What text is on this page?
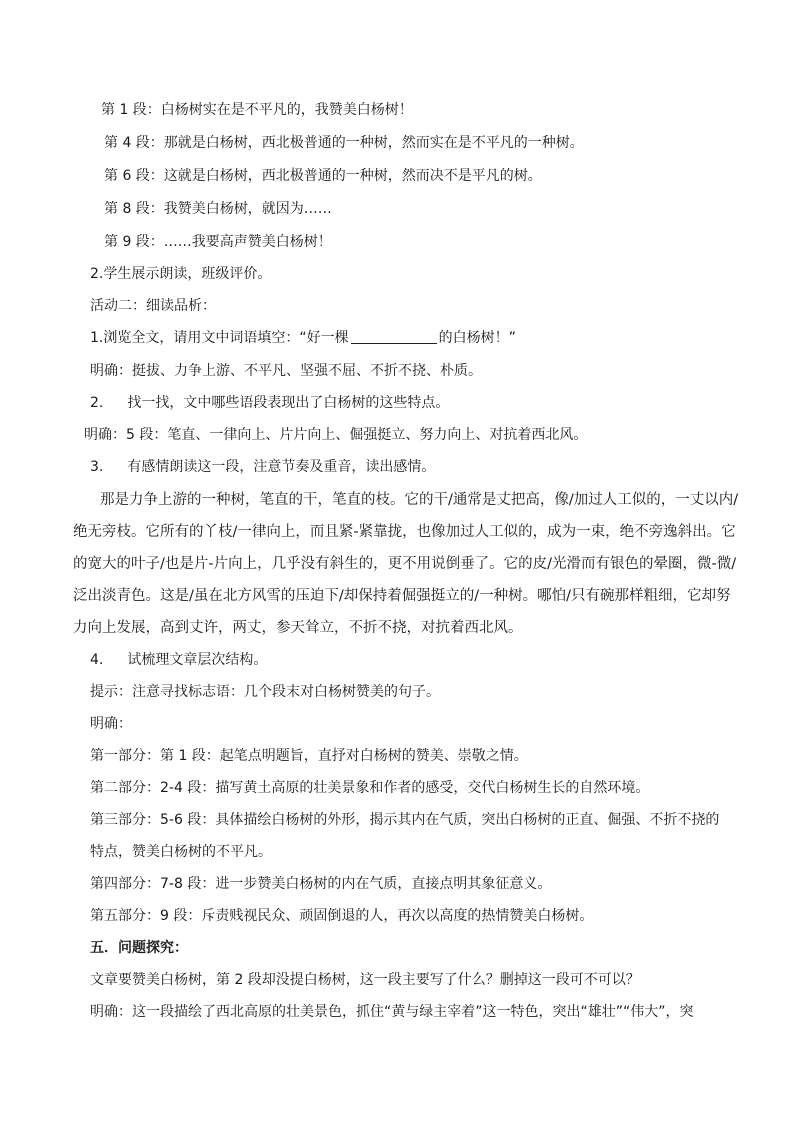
第 1 段：白杨树实在是不平凡的，我赞美白杨树！
第 4 段：那就是白杨树，西北极普通的一种树，然而实在是不平凡的一种树。
第 6 段：这就是白杨树，西北极普通的一种树，然而决不是平凡的树。
第 8 段：我赞美白杨树，就因为……
第 9 段：……我要高声赞美白杨树！
2.学生展示朗读，班级评价。
活动二：细读品析：
1.浏览全文，请用文中词语填空：“好一棵	的白杨树！”
明确：挺拔、力争上游、不平凡、坚强不屈、不折不挠、朴质。
2. 找一找，文中哪些语段表现出了白杨树的这些特点。
明确：5 段：笔直、一律向上、片片向上、倔强挺立、努力向上、对抗着西北风。
3. 有感情朗读这一段，注意节奏及重音，读出感情。
那是力争上游的一种树，笔直的干，笔直的枝。它的干/通常是丈把高，像/加过人工似的，一丈以内/
绝无旁枝。它所有的丫枝/一律向上，而且紧-紧靠拢，也像加过人工似的，成为一束，绝不旁逸斜出。它
的宽大的叶子/也是片-片向上，几乎没有斜生的，更不用说倒垂了。它的皮/光滑而有银色的晕圈，微-微/
泛出淡青色。这是/虽在北方风雪的压迫下/却保持着倔强挺立的/一种树。哪怕/只有碗那样粗细，它却努
力向上发展，高到丈许，两丈，参天耸立，不折不挠，对抗着西北风。
4. 试梳理文章层次结构。
提示：注意寻找标志语：几个段末对白杨树赞美的句子。
明确：
第一部分：第 1 段：起笔点明题旨，直抒对白杨树的赞美、崇敬之情。
第二部分：2-4 段：描写黄土高原的壮美景象和作者的感受，交代白杨树生长的自然环境。
第三部分：5-6 段：具体描绘白杨树的外形，揭示其内在气质，突出白杨树的正直、倔强、不折不挠的
特点，赞美白杨树的不平凡。
第四部分：7-8 段：进一步赞美白杨树的内在气质，直接点明其象征意义。
第五部分：9 段：斥责贱视民众、顽固倒退的人，再次以高度的热情赞美白杨树。
五．问题探究：
文章要赞美白杨树，第 2 段却没提白杨树，这一段主要写了什么？删掉这一段可不可以？
明确：这一段描绘了西北高原的壮美景色，抓住“黄与绿主宰着”这一特色，突出“雄壮”“伟大”，突
